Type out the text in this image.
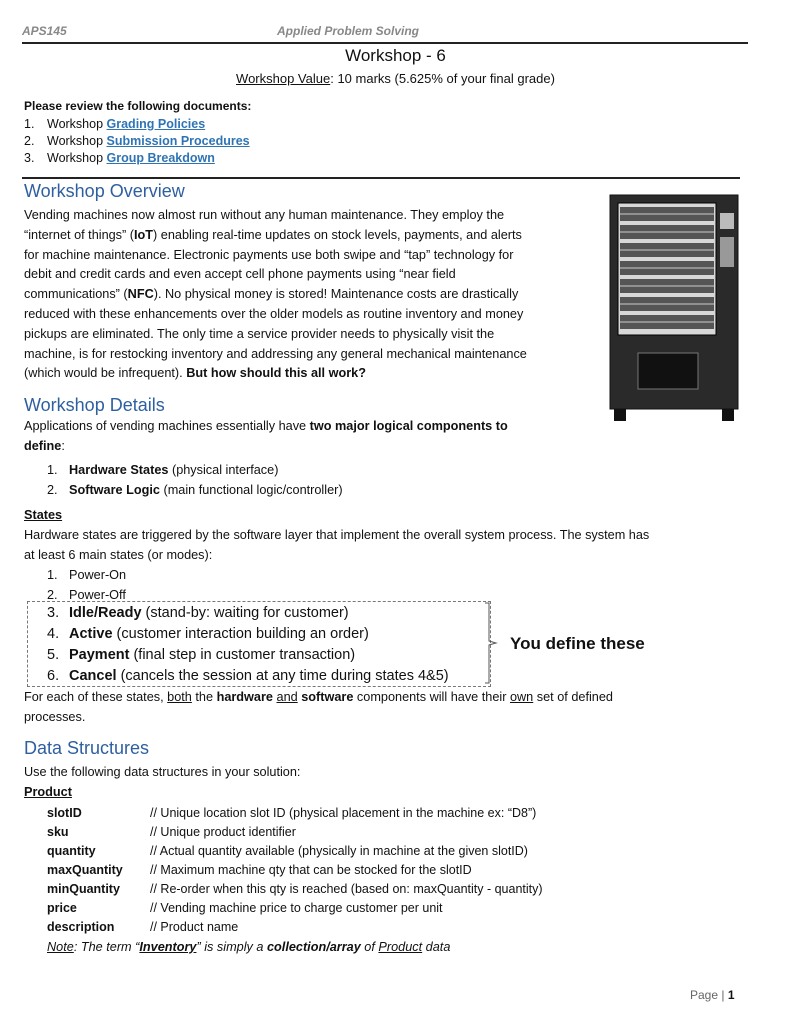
APS145	Applied Problem Solving
Workshop - 6
Workshop Value: 10 marks (5.625% of your final grade)
Please review the following documents:
1. Workshop Grading Policies
2. Workshop Submission Procedures
3. Workshop Group Breakdown
Workshop Overview
Vending machines now almost run without any human maintenance. They employ the
“internet of things” (IoT) enabling real-time updates on stock levels, payments, and alerts
for machine maintenance. Electronic payments use both swipe and “tap” technology for
debit and credit cards and even accept cell phone payments using “near field
communications” (NFC). No physical money is stored! Maintenance costs are drastically
reduced with these enhancements over the older models as routine inventory and money
pickups are eliminated. The only time a service provider needs to physically visit the
machine, is for restocking inventory and addressing any general mechanical maintenance
(which would be infrequent). But how should this all work?
Workshop Details
Applications of vending machines essentially have two major logical components to
define:
1. Hardware States (physical interface)
2. Software Logic (main functional logic/controller)
States
Hardware states are triggered by the software layer that implement the overall system process. The system has
at least 6 main states (or modes):
1. Power-On
2. Power-Off
3. Idle/Ready (stand-by: waiting for customer)
4. Active (customer interaction building an order)
5. Payment (final step in customer transaction)
6. Cancel (cancels the session at any time during states 4&5)
You define these
For each of these states, both the hardware and software components will have their own set of defined
processes.
Data Structures
Use the following data structures in your solution:
Product
slotID	// Unique location slot ID (physical placement in the machine ex: “D8”)
sku	// Unique product identifier
quantity	// Actual quantity available (physically in machine at the given slotID)
maxQuantity // Maximum machine qty that can be stocked for the slotID
minQuantity // Re-order when this qty is reached (based on: maxQuantity - quantity)
price	// Vending machine price to charge customer per unit
description	// Product name
Note: The term “Inventory” is simply a collection/array of Product data
Page | 1
